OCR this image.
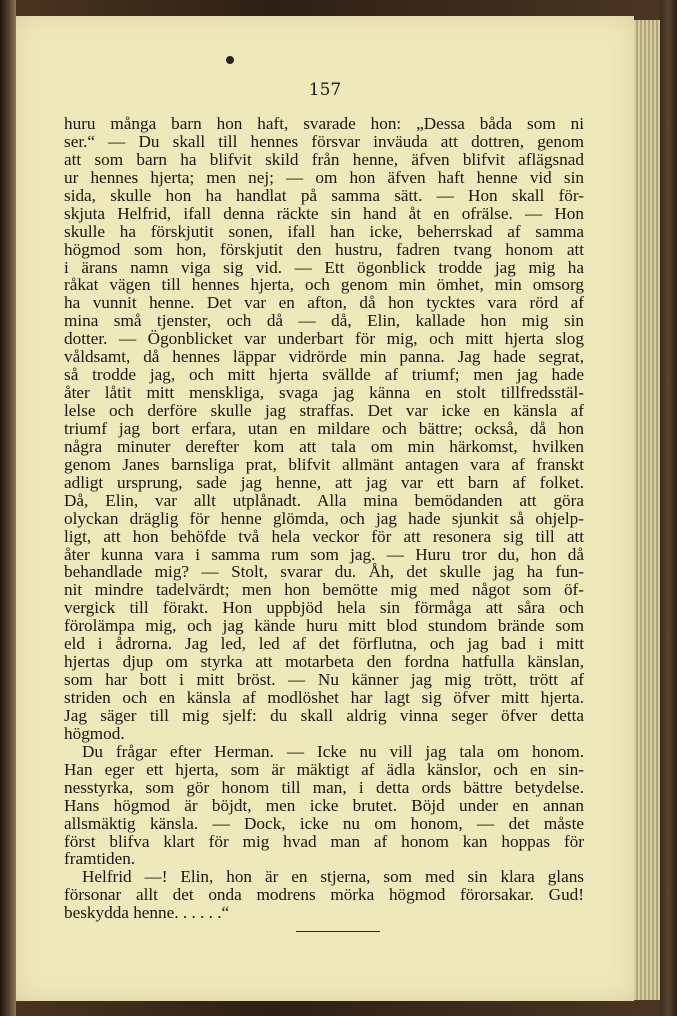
157
huru många barn hon haft, svarade hon: „Dessa båda som ni
ser.“ — Du skall till hennes försvar inväuda att dottren, genom
att som barn ha blifvit skild från henne, äfven blifvit aflägsnad
ur hennes hjerta; men nej; — om hon äfven haft henne vid sin
sida, skulle hon ha handlat på samma sätt. — Hon skall för-
skjuta Helfrid, ifall denna räckte sin hand åt en ofrälse. — Hon
skulle ha förskjutit sonen, ifall han icke, beherrskad af samma
högmod som hon, förskjutit den hustru, fadren tvang honom att
i ärans namn viga sig vid. — Ett ögonblick trodde jag mig ha
råkat vägen till hennes hjerta, och genom min ömhet, min omsorg
ha vunnit henne. Det var en afton, då hon tycktes vara rörd af
mina små tjenster, och då — då, Elin, kallade hon mig sin
dotter. — Ögonblicket var underbart för mig, och mitt hjerta slog
våldsamt, då hennes läppar vidrörde min panna. Jag hade segrat,
så trodde jag, och mitt hjerta svällde af triumf; men jag hade
åter låtit mitt menskliga, svaga jag känna en stolt tillfredsstäl-
lelse och derföre skulle jag straffas. Det var icke en känsla af
triumf jag bort erfara, utan en mildare och bättre; också, då hon
några minuter derefter kom att tala om min härkomst, hvilken
genom Janes barnsliga prat, blifvit allmänt antagen vara af franskt
adligt ursprung, sade jag henne, att jag var ett barn af folket.
Då, Elin, var allt utplånadt. Alla mina bemödanden att göra
olyckan dräglig för henne glömda, och jag hade sjunkit så ohjelp-
ligt, att hon behöfde två hela veckor för att resonera sig till att
åter kunna vara i samma rum som jag. — Huru tror du, hon då
behandlade mig? — Stolt, svarar du. Åh, det skulle jag ha fun-
nit mindre tadelvärdt; men hon bemötte mig med något som öf-
vergick till förakt. Hon uppbjöd hela sin förmåga att såra och
förolämpa mig, och jag kände huru mitt blod stundom brände som
eld i ådrorna. Jag led, led af det förflutna, och jag bad i mitt
hjertas djup om styrka att motarbeta den fordna hatfulla känslan,
som har bott i mitt bröst. — Nu känner jag mig trött, trött af
striden och en känsla af modlöshet har lagt sig öfver mitt hjerta.
Jag säger till mig sjelf: du skall aldrig vinna seger öfver detta
högmod.
Du frågar efter Herman. — Icke nu vill jag tala om honom.
Han eger ett hjerta, som är mäktigt af ädla känslor, och en sin-
nesstyrka, som gör honom till man, i detta ords bättre betydelse.
Hans högmod är böjdt, men icke brutet. Böjd under en annan
allsmäktig känsla. — Dock, icke nu om honom, — det måste
först blifva klart för mig hvad man af honom kan hoppas för
framtiden.
Helfrid —! Elin, hon är en stjerna, som med sin klara glans
försonar allt det onda modrens mörka högmod förorsakar. Gud!
beskydda henne. . . . . .“
